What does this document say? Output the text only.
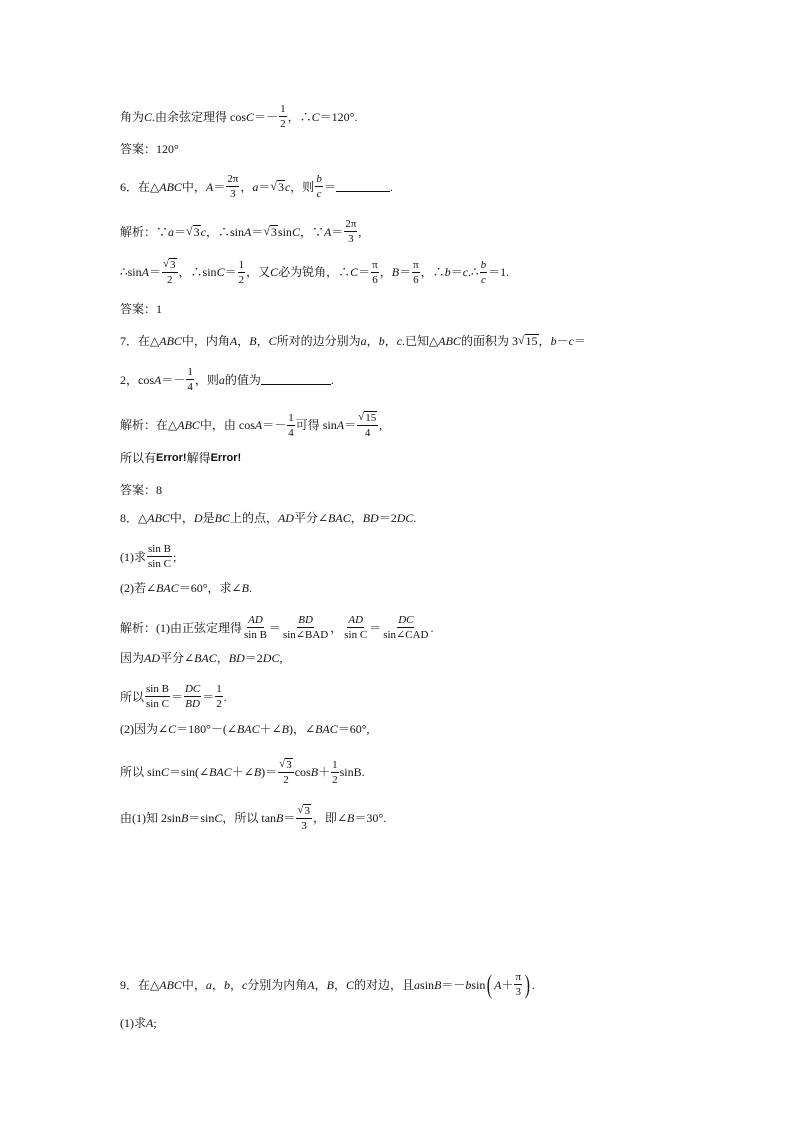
角为 C .由余弦定理得 $\cos C =- \frac{1}{2}$ ，∴ C ＝120°.
答案：120°
6．在△ ABC 中， $A = \frac{2\pi}{3}$ ， a ＝ √ 3 c ，则 $\frac{b}{c}$ ＝	.
解析：∵ a ＝ √ 3 c ，∴sin A ＝ √ 3 sin C ，∵ $A = \frac{2\pi}{3}$ ,
∴sin $A = \frac{√ 3}{2}$ ，∴sin $C = \frac{1}{2}$ ，又 C 必为锐角，∴ $C = \frac{\pi}{6}$ ， $B = \frac{\pi}{6}$ ，∴ b ＝ c .∴ $\frac{b}{c} =1$.
答案：1
7．在△ ABC 中，内角 A ， B ， C 所对的边分别为 a ， b ， c .已知△ ABC 的面积为 3 √ 15 ， b － c ＝
2，$\cos A =- \frac{1}{4}$ ，则 a 的值为	.
解析：在△ ABC 中，由 $\cos A =- \frac{1}{4}$ 可得 $\sin A = \frac{√ 15}{4}$ ,
所以有 Error! 解得 Error!
答案：8
8．△ ABC 中， D 是 BC 上的点， AD 平分∠ BAC ， BD ＝2 DC .
(1)求 $\frac{\text{sin B}}{\text{sin C}}$ ;
(2)若∠ BAC ＝60°，求∠ B .
解析：(1)由正弦定理得 $\frac{AD}{\text{sin B}} = \frac{BD}{\text{sin∠BAD}}$ ， $\frac{AD}{\text{sin C}} = \frac{DC}{\text{sin∠CAD}}$ .
因为 AD 平分∠ BAC ， BD ＝2 DC ,
所以 $\frac{\text{sin B}}{\text{sin C}} = \frac{DC}{BD} = \frac{1}{2}$ .
(2)因为∠ C ＝180°－(∠ BAC ＋∠ B )，∠ BAC ＝60°,
所以 sin C ＝sin(∠ BAC ＋∠ B )＝ $\frac{√ 3}{2}$ $\cos B + \frac{1}{2} \sin B$.
由(1)知 2sin B ＝sin C ，所以 $\tan B = \frac{√ 3}{3}$ ，即∠ B ＝30°.
9．在△ ABC 中， a ， b ， c 分别为内角 A ， B ， C 的对边，且 a sin B ＝－ b sin ( $A + \frac{\pi}{3}$ ) .
(1)求 A ;
